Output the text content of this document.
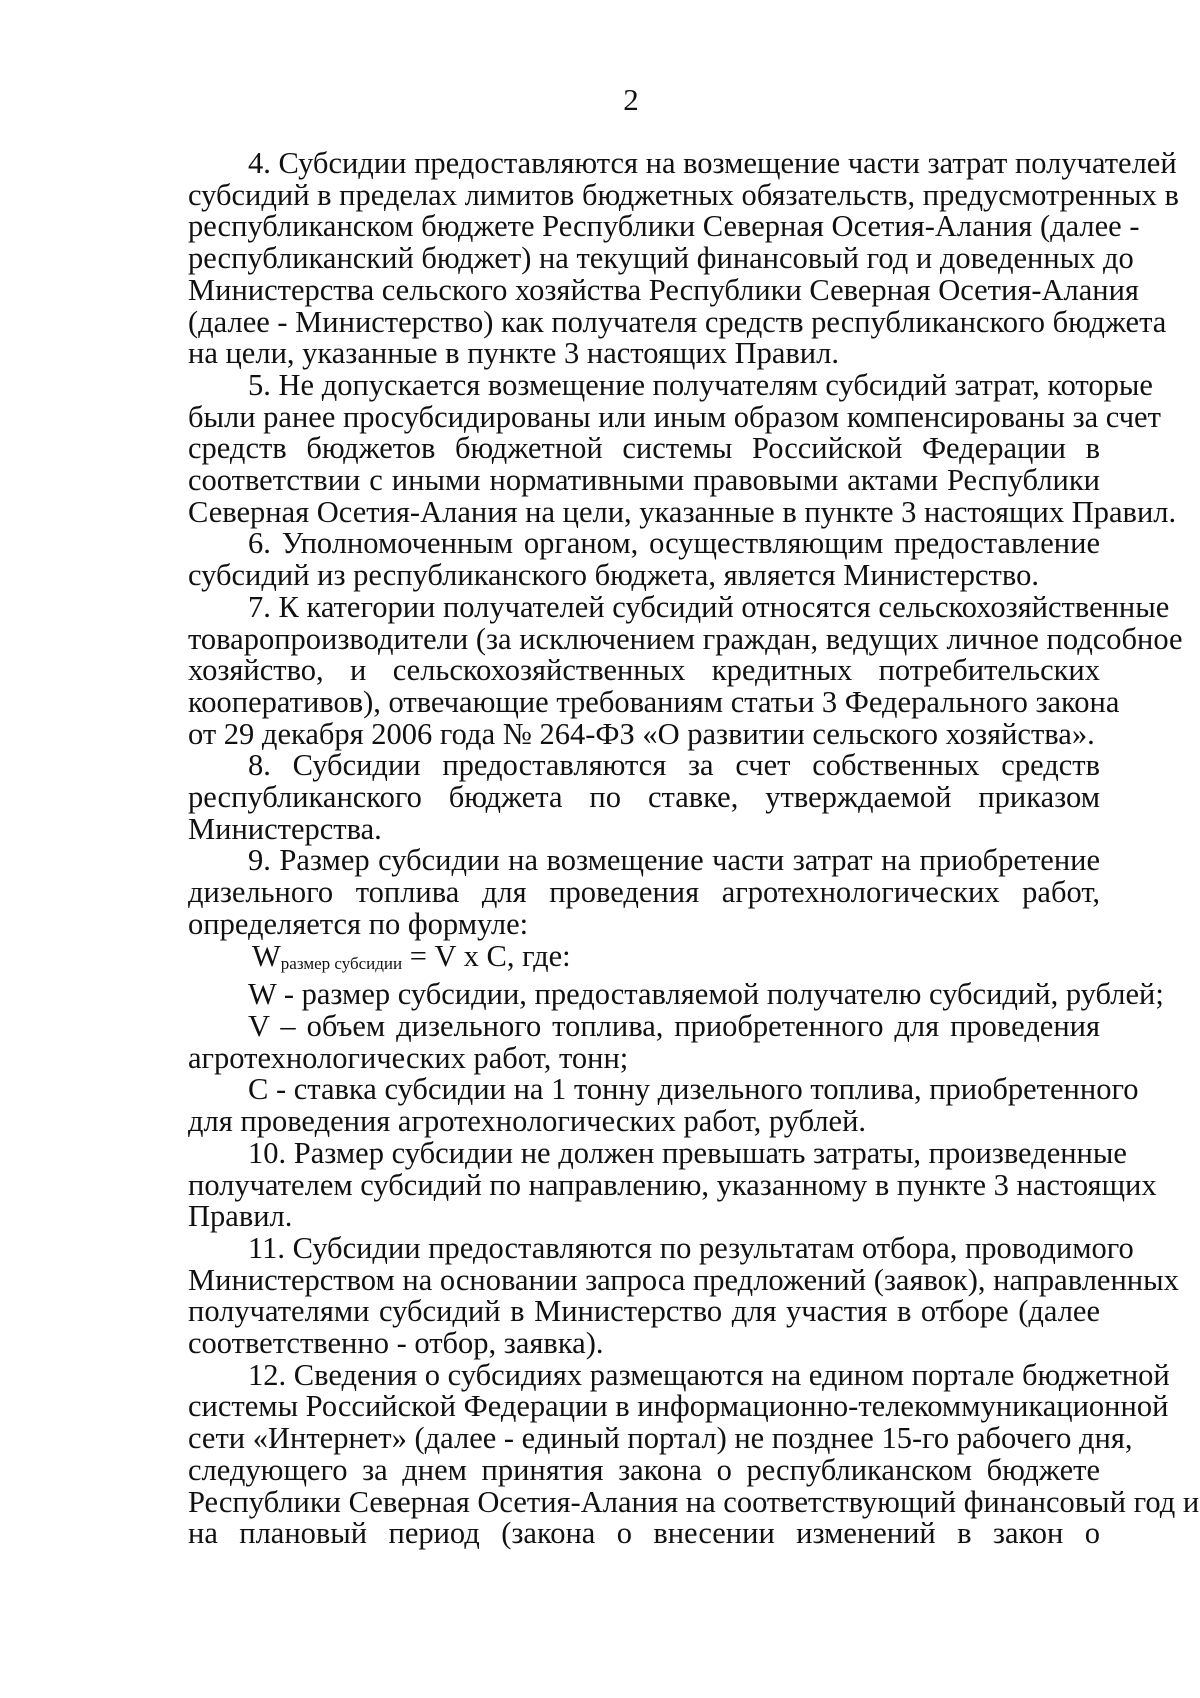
2
4. Субсидии предоставляются на возмещение части затрат получателей
субсидий в пределах лимитов бюджетных обязательств, предусмотренных в
республиканском бюджете Республики Северная Осетия-Алания (далее -
республиканский бюджет) на текущий финансовый год и доведенных до
Министерства сельского хозяйства Республики Северная Осетия-Алания
(далее - Министерство) как получателя средств республиканского бюджета
на цели, указанные в пункте 3 настоящих Правил.
5. Не допускается возмещение получателям субсидий затрат, которые
были ранее просубсидированы или иным образом компенсированы за счет
средств бюджетов бюджетной системы Российской Федерации в
соответствии с иными нормативными правовыми актами Республики
Северная Осетия-Алания на цели, указанные в пункте 3 настоящих Правил.
6. Уполномоченным органом, осуществляющим предоставление
субсидий из республиканского бюджета, является Министерство.
7. К категории получателей субсидий относятся сельскохозяйственные
товаропроизводители (за исключением граждан, ведущих личное подсобное
хозяйство, и сельскохозяйственных кредитных потребительских
кооперативов), отвечающие требованиям статьи 3 Федерального закона
от 29 декабря 2006 года № 264-ФЗ «О развитии сельского хозяйства».
8. Субсидии предоставляются за счет собственных средств
республиканского бюджета по ставке, утверждаемой приказом
Министерства.
9. Размер субсидии на возмещение части затрат на приобретение
дизельного топлива для проведения агротехнологических работ,
определяется по формуле:
$W_{размер субсидии} = V$ x C, где:
W - размер субсидии, предоставляемой получателю субсидий, рублей;
V – объем дизельного топлива, приобретенного для проведения
агротехнологических работ, тонн;
С - ставка субсидии на 1 тонну дизельного топлива, приобретенного
для проведения агротехнологических работ, рублей.
10. Размер субсидии не должен превышать затраты, произведенные
получателем субсидий по направлению, указанному в пункте 3 настоящих
Правил.
11. Субсидии предоставляются по результатам отбора, проводимого
Министерством на основании запроса предложений (заявок), направленных
получателями субсидий в Министерство для участия в отборе (далее
соответственно - отбор, заявка).
12. Сведения о субсидиях размещаются на едином портале бюджетной
системы Российской Федерации в информационно-телекоммуникационной
сети «Интернет» (далее - единый портал) не позднее 15-го рабочего дня,
следующего за днем принятия закона о республиканском бюджете
Республики Северная Осетия-Алания на соответствующий финансовый год и
на плановый период (закона о внесении изменений в закон о
